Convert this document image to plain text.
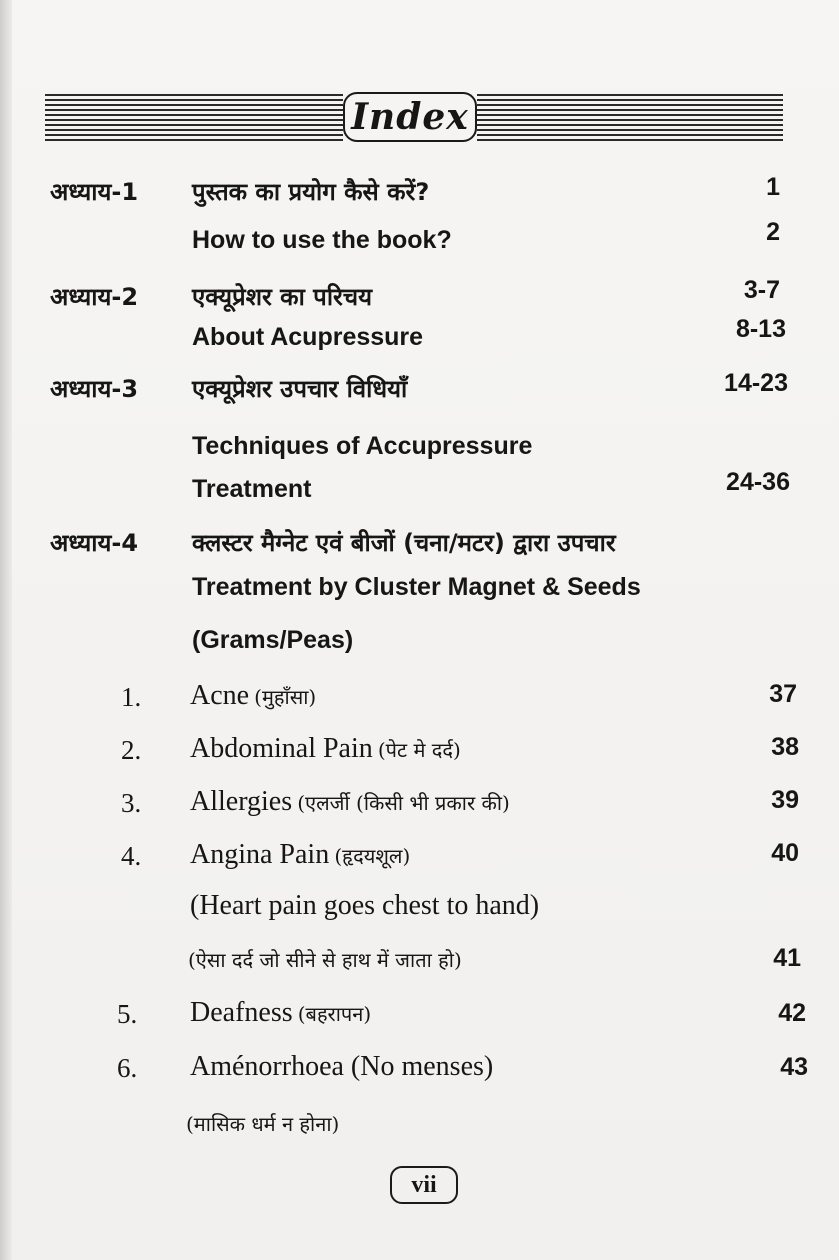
Index
अध्याय-1 पुस्तक का प्रयोग कैसे करें?	1
How to use the book?	2
अध्याय-2 एक्यूप्रेशर का परिचय	3-7
About Acupressure	8-13
अध्याय-3 एक्यूप्रेशर उपचार विधियाँ	14-23
Techniques of Accupressure
Treatment	24-36
अध्याय-4 क्लस्टर मैग्नेट एवं बीजों (चना/मटर) द्वारा उपचार
Treatment by Cluster Magnet & Seeds
(Grams/Peas)
1. Acne (मुहाँसा)	37
2. Abdominal Pain (पेट मे दर्द)	38
3. Allergies (एलर्जी (किसी भी प्रकार की)	39
4. Angina Pain (हृदयशूल)	40
(Heart pain goes chest to hand)
(ऐसा दर्द जो सीने से हाथ में जाता हो)	41
5. Deafness (बहरापन)	42
6. Aménorrhoea (No menses)	43
(मासिक धर्म न होना)
vii
